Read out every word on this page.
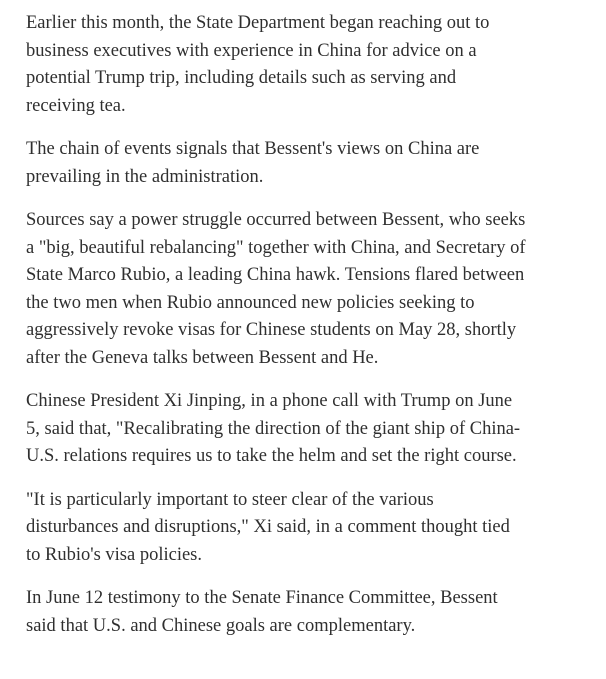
Earlier this month, the State Department began reaching out to
business executives with experience in China for advice on a
potential Trump trip, including details such as serving and
receiving tea.

The chain of events signals that Bessent's views on China are
prevailing in the administration.

Sources say a power struggle occurred between Bessent, who seeks
a "big, beautiful rebalancing" together with China, and Secretary of
State Marco Rubio, a leading China hawk. Tensions flared between
the two men when Rubio announced new policies seeking to
aggressively revoke visas for Chinese students on May 28, shortly
after the Geneva talks between Bessent and He.

Chinese President Xi Jinping, in a phone call with Trump on June
5, said that, "Recalibrating the direction of the giant ship of China-
U.S. relations requires us to take the helm and set the right course.

"It is particularly important to steer clear of the various
disturbances and disruptions," Xi said, in a comment thought tied
to Rubio's visa policies.

In June 12 testimony to the Senate Finance Committee, Bessent
said that U.S. and Chinese goals are complementary.
